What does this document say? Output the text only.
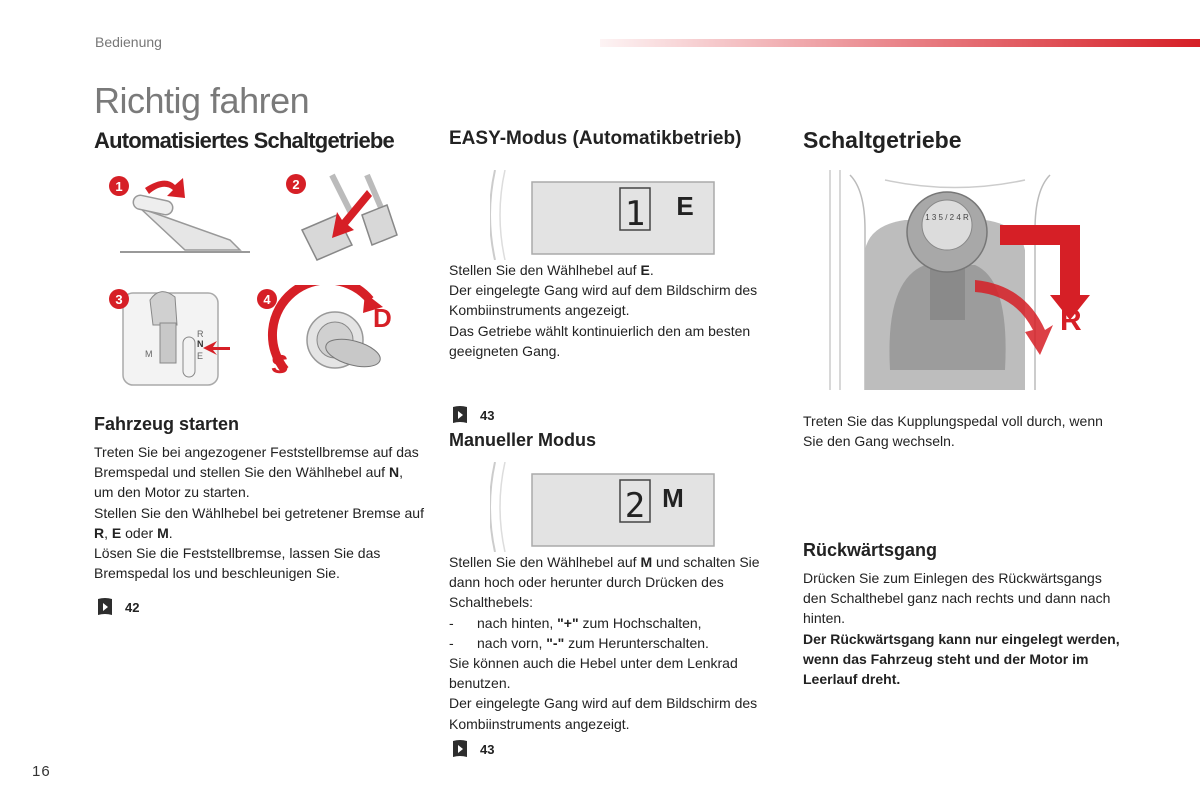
Bedienung
Richtig fahren
Automatisiertes Schaltgetriebe	EASY-Modus (Automatikbetrieb)	Schaltgetriebe
1	2
M
N
R
E
3
D
S
4
Fahrzeug starten
Treten Sie bei angezogener Feststellbremse auf das Bremspedal und stellen Sie den Wählhebel auf N, um den Motor zu starten.
Stellen Sie den Wählhebel bei getretener Bremse auf R, E oder M.
Lösen Sie die Feststellbremse, lassen Sie das Bremspedal los und beschleunigen Sie.
42
1 E
Stellen Sie den Wählhebel auf E.
Der eingelegte Gang wird auf dem Bildschirm des Kombiinstruments angezeigt.
Das Getriebe wählt kontinuierlich den am besten geeigneten Gang.
43
Manueller Modus
2 M
Stellen Sie den Wählhebel auf M und schalten Sie dann hoch oder herunter durch Drücken des Schalthebels:
-	nach hinten, "+" zum Hochschalten,
-	nach vorn, "-" zum Herunterschalten.
Sie können auch die Hebel unter dem Lenkrad benutzen.
Der eingelegte Gang wird auf dem Bildschirm des Kombiinstruments angezeigt.
43
1 3 5 / 2 4 R
R
Treten Sie das Kupplungspedal voll durch, wenn Sie den Gang wechseln.
Rückwärtsgang
Drücken Sie zum Einlegen des Rückwärtsgangs den Schalthebel ganz nach rechts und dann nach hinten.
Der Rückwärtsgang kann nur eingelegt werden, wenn das Fahrzeug steht und der Motor im Leerlauf dreht.
16
